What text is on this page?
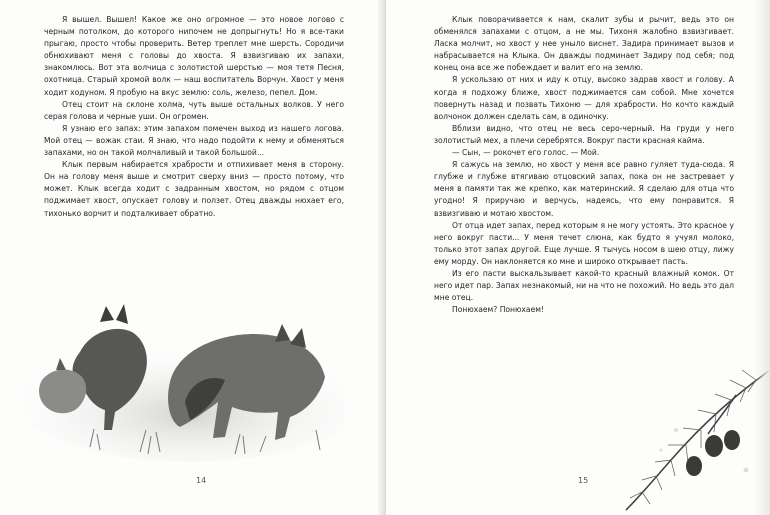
Я вышел. Вышел! Какое же оно огромное — это новое логово с черным потолком, до которого нипочем не допрыгнуть! Но я все-таки прыгаю, просто чтобы проверить. Ветер треплет мне шерсть. Сородичи обнюхивают меня с головы до хвоста. Я взвизгиваю их запахи, знакомлюсь. Вот эта волчица с золотистой шерстью — моя тетя Песня, охотница. Старый хромой волк — наш воспитатель Ворчун. Хвост у меня ходит ходуном. Я пробую на вкус землю: соль, железо, пепел. Дом.

Отец стоит на склоне холма, чуть выше остальных волков. У него серая голова и черные уши. Он огромен.

Я узнаю его запах: этим запахом помечен выход из нашего логова. Мой отец — вожак стаи. Я знаю, что надо подойти к нему и обменяться запахами, но он такой молчаливый и такой большой...

Клык первым набирается храбрости и отпихивает меня в сторону. Он на голову меня выше и смотрит сверху вниз — просто потому, что может. Клык всегда ходит с задранным хвостом, но рядом с отцом поджимает хвост, опускает голову и ползет. Отец дважды нюхает его, тихонько ворчит и подталкивает обратно.

14

Клык поворачивается к нам, скалит зубы и рычит, ведь это он обменялся запахами с отцом, а не мы. Тихоня жалобно взвизгивает. Ласка молчит, но хвост у нее уныло виснет. Задира принимает вызов и набрасывается на Клыка. Он дважды подминает Задиру под себя; под конец она все же побеждает и валит его на землю.

Я ускользаю от них и иду к отцу, высоко задрав хвост и голову. А когда я подхожу ближе, хвост поджимается сам собой. Мне хочется повернуть назад и позвать Тихоню — для храбрости. Но кочто каждый волчонок должен сделать сам, в одиночку.

Вблизи видно, что отец не весь серо-черный. На груди у него золотистый мех, а плечи серебрятся. Вокруг пасти красная каймa.

— Сын, — рокочет его голос. — Мой.

Я сажусь на землю, но хвост у меня все равно гуляет туда-сюда. Я глубже и глубже втягиваю отцовский запах, пока он не застревает у меня в памяти так же крепко, как материнский. Я сделаю для отца что угодно! Я приручаю и верчусь, надеясь, что ему понравится. Я взвизгиваю и мотаю хвостом.

От отца идет запах, перед которым я не могу устоять. Это красное у него вокруг пасти... У меня течет слюна, как будто я учуял молоко, только этот запах другой. Еще лучше. Я тычусь носом в шею отцу, лижу ему морду. Он наклоняется ко мне и широко открывает пасть.

Из его пасти выскальзывает какой-то красный влажный комок. От него идет пар. Запах незнакомый, ни на что не похожий. Но ведь это дал мне отец.

Понюхаем? Понюхаем!

15
